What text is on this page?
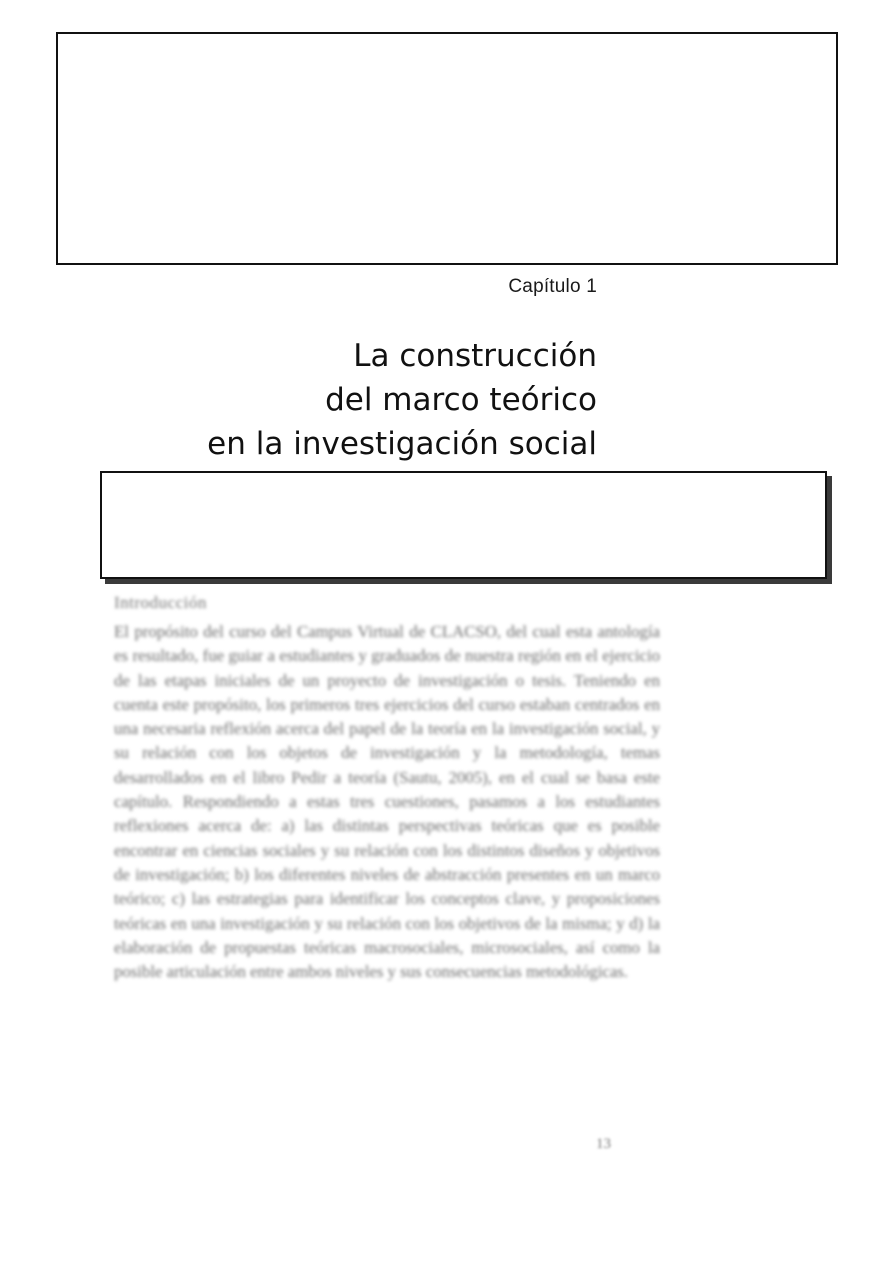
Capítulo 1
La construcción
del marco teórico
en la investigación social
Introducción

El propósito del curso del Campus Virtual de CLACSO, del cual esta antología es resultado, fue guiar a estudiantes y graduados de nuestra región en el ejercicio de las etapas iniciales de un proyecto de investigación o tesis. Teniendo en cuenta este propósito, los primeros tres ejercicios del curso estaban centrados en una necesaria reflexión acerca del papel de la teoría en la investigación social, y su relación con los objetos de investigación y la metodología, temas desarrollados en el libro Pedir a teoría (Sautu, 2005), en el cual se basa este capítulo. Respondiendo a estas tres cuestiones, pasamos a los estudiantes reflexiones acerca de: a) las distintas perspectivas teóricas que es posible encontrar en ciencias sociales y su relación con los distintos diseños y objetivos de investigación; b) los diferentes niveles de abstracción presentes en un marco teórico; c) las estrategias para identificar los conceptos clave, y proposiciones teóricas en una investigación y su relación con los objetivos de la misma; y d) la elaboración de propuestas teóricas macrosociales, microsociales, así como la posible articulación entre ambos niveles y sus consecuencias metodológicas.

13
